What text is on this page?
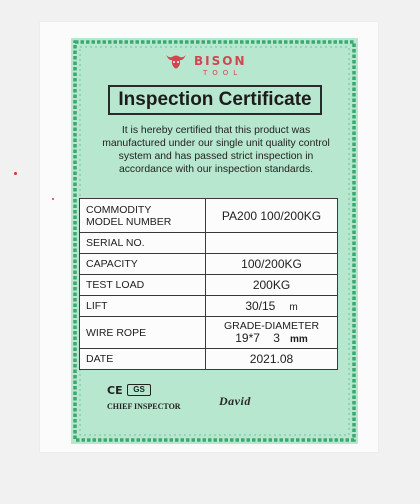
BISON
TOOL
Inspection Certificate
It is hereby certified that this product was manufactured under our single unit quality control system and has passed strict inspection in accordance with our inspection standards.
COMMODITY
MODEL NUMBER	PA200 100/200KG
SERIAL NO.	
CAPACITY	100/200KG
TEST LOAD	200KG
LIFT	30/15 m
WIRE ROPE	GRADE-DIAMETER
19*7    3 mm

DATE	2021.08
CE	GS
CHIEF INSPECTOR	David
